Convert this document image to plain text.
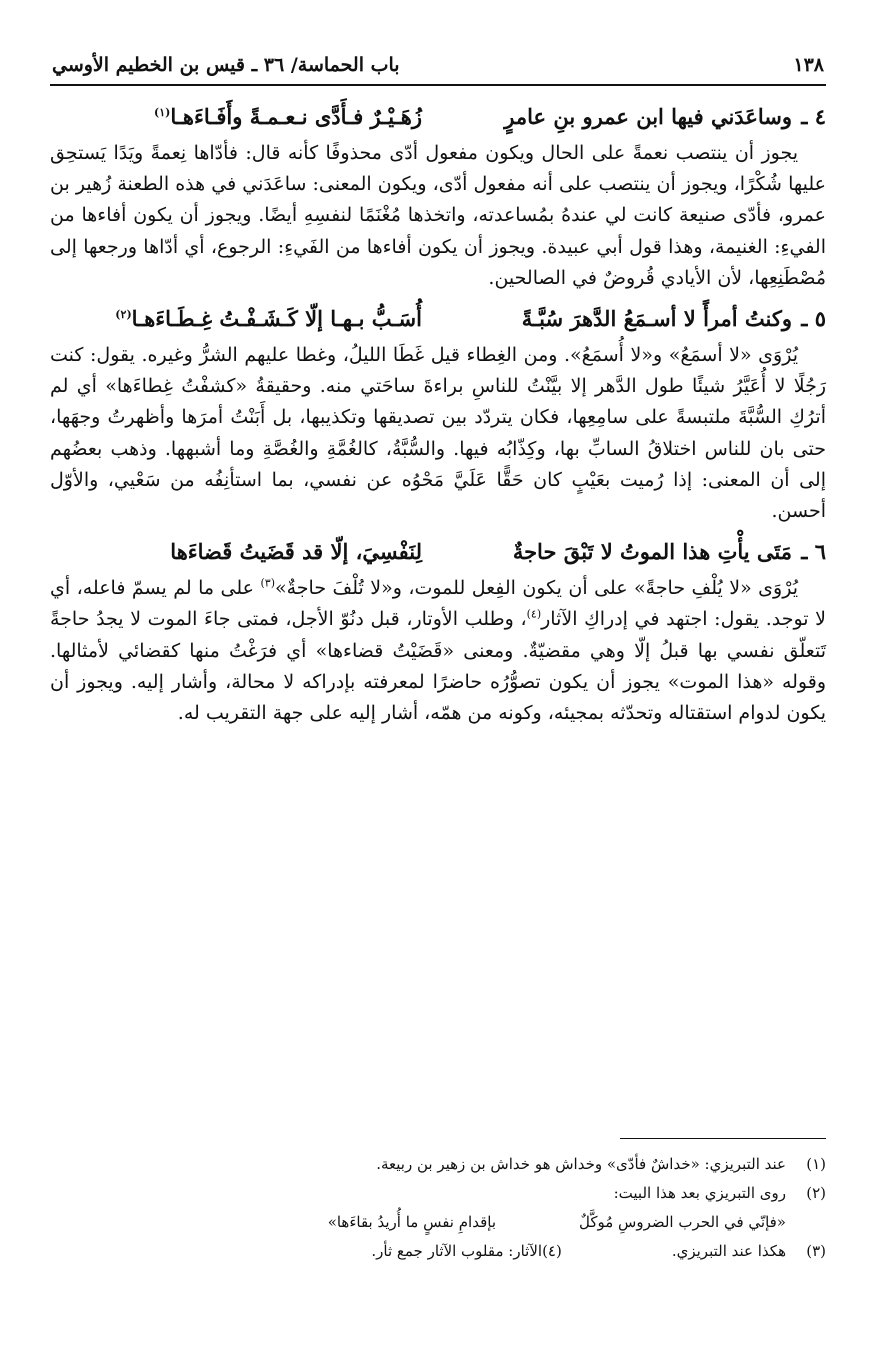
١٣٨
باب الحماسة/ ٣٦ ـ قيس بن الخطيم الأوسي
٤ ـ
وساعَدَني فيها ابن عمرو بنِ عامرٍ
زُهَـيْـرٌ فـأَدَّى نـعـمـةً وأَفَـاءَهـا$^{(١)}$

يجوز أن ينتصب نعمةً على الحال ويكون مفعول أدّى محذوفًا كأنه قال: فأدّاها نِعمةً ويَدًا يَستحِق عليها شُكْرًا، ويجوز أن ينتصب على أنه مفعول أدّى، ويكون المعنى: ساعَدَني في هذه الطعنة زُهير بن عمرو، فأدّى صنيعة كانت لي عندهُ بمُساعدته، واتخذها مُغْنَمًا لنفسِهِ أيضًا. ويجوز أن يكون أفاءها من الفيءِ: الغنيمة، وهذا قول أبي عبيدة. ويجوز أن يكون أفاءها من الفَيءِ: الرجوع، أي أدّاها ورجعها إلى مُصْطَنِعِها، لأن الأيادي قُروضٌ في الصالحين.

٥ ـ
وكنتُ أمرأً لا أسـمَعُ الدَّهرَ سُبَّـةً
أُسَـبُّ بـهـا إلّا كَـشَـفْـتُ غِـطَـاءَهـا$^{(٢)}$

يُرْوَى «لا أسمَعُ» و«لا أُسمَعُ». ومن الغِطاء قيل غَطَا الليلُ، وغطا عليهم الشرُّ وغيره. يقول: كنت رَجُلًا لا أُعَيَّرُ شيئًا طول الدَّهر إلا بيَّنْتُ للناسِ براءةَ ساحَتي منه. وحقيقةُ «كشفْتُ غِطاءَها» أي لم أترُكِ السُّبَّةَ ملتبسةً على سامِعِها، فكان يتردّد بين تصديقها وتكذيبها، بل أَبَنْتُ أمرَها وأظهرتُ وجهَها، حتى بان للناس اختلاقُ السابِّ بها، وكِذّابُه فيها. والسُّبَّةُ، كالغُمَّةِ والغُصَّةِ وما أشبهها. وذهب بعضُهم إلى أن المعنى: إذا رُميت بعَيْبٍ كان حَقًّا عَلَيَّ مَحْوُه عن نفسي، بما استأنِفُه من سَعْيي، والأوّل أحسن.

٦ ـ
مَتَى يأْتِ هذا الموتُ لا تَبْقَ حاجةٌ
لِنَفْسِيَ، إلّا قد قَضَيتُ قَضاءَها

يُرْوَى «لا يُلْفِ حاجةً» على أن يكون الفِعل للموت، و«لا تُلْفَ حاجةٌ»$^{(٣)}$ على ما لم يسمّ فاعله، أي لا توجد. يقول: اجتهد في إدراكِ الآثار$^{(٤)}$، وطلب الأوتار، قبل دنُوّ الأجل، فمتى جاءَ الموت لا يجدُ حاجةً تَتعلّق نفسي بها قبلُ إلّا وهي مقضيّةٌ. ومعنى «قَضَيْتُ قضاءها» أي فرَغْتُ منها كقضائي لأمثالها. وقوله «هذا الموت» يجوز أن يكون تصوُّرُه حاضرًا لمعرفته بإدراكه لا محالة، وأشار إليه. ويجوز أن يكون لدوام استقتاله وتحدّثه بمجيئه، وكونه من همّه، أشار إليه على جهة التقريب له.

(١)
عند التبريزي: «خداشٌ فأدّى» وخداش هو خداش بن زهير بن ربيعة.
(٢)
روى التبريزي بعد هذا البيت:
«فإنّي في الحرب الضروسِ مُوكَّلٌ
بإقدامِ نفسٍ ما أُريدُ بقاءَها»
(٣)
هكذا عند التبريزي.
(٤)
الآثار: مقلوب الآثار جمع ثأر.
